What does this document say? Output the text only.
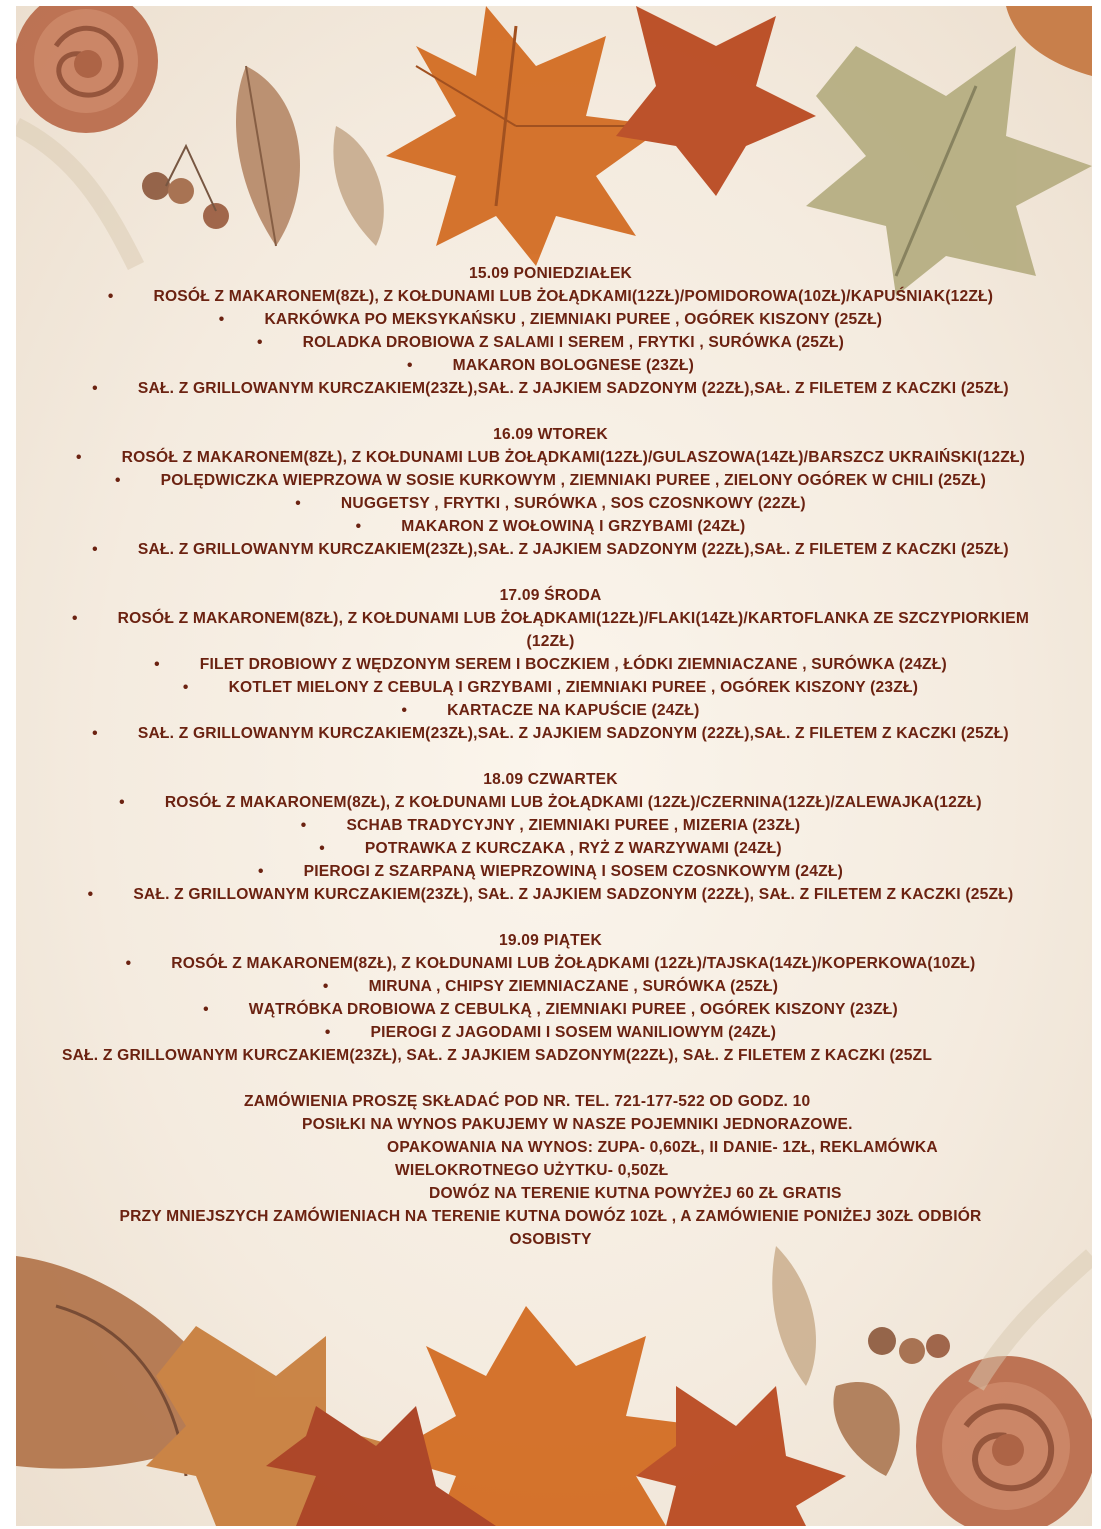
15.09 PONIEDZIAŁEK
•ROSÓŁ Z MAKARONEM(8ZŁ), Z KOŁDUNAMI LUB ŻOŁĄDKAMI(12ZŁ)/POMIDOROWA(10ZŁ)/KAPUŚNIAK(12ZŁ)
•KARKÓWKA PO MEKSYKAŃSKU , ZIEMNIAKI PUREE , OGÓREK KISZONY (25ZŁ)
•ROLADKA DROBIOWA Z SALAMI I SEREM , FRYTKI , SURÓWKA (25ZŁ)
•MAKARON BOLOGNESE (23ZŁ)
•SAŁ. Z GRILLOWANYM KURCZAKIEM(23ZŁ),SAŁ. Z JAJKIEM SADZONYM (22ZŁ),SAŁ. Z FILETEM Z KACZKI (25ZŁ)
16.09 WTOREK
•ROSÓŁ Z MAKARONEM(8ZŁ), Z KOŁDUNAMI LUB ŻOŁĄDKAMI(12ZŁ)/GULASZOWA(14ZŁ)/BARSZCZ UKRAIŃSKI(12ZŁ)
•POLĘDWICZKA WIEPRZOWA W SOSIE KURKOWYM , ZIEMNIAKI PUREE , ZIELONY OGÓREK W CHILI (25ZŁ)
•NUGGETSY , FRYTKI , SURÓWKA , SOS CZOSNKOWY (22ZŁ)
•MAKARON Z WOŁOWINĄ I GRZYBAMI (24ZŁ)
•SAŁ. Z GRILLOWANYM KURCZAKIEM(23ZŁ),SAŁ. Z JAJKIEM SADZONYM (22ZŁ),SAŁ. Z FILETEM Z KACZKI (25ZŁ)
17.09 ŚRODA
•ROSÓŁ Z MAKARONEM(8ZŁ), Z KOŁDUNAMI LUB ŻOŁĄDKAMI(12ZŁ)/FLAKI(14ZŁ)/KARTOFLANKA ZE SZCZYPIORKIEM
(12ZŁ)
•FILET DROBIOWY Z WĘDZONYM SEREM I BOCZKIEM , ŁÓDKI ZIEMNIACZANE , SURÓWKA (24ZŁ)
•KOTLET MIELONY Z CEBULĄ I GRZYBAMI , ZIEMNIAKI PUREE , OGÓREK KISZONY (23ZŁ)
•KARTACZE NA KAPUŚCIE (24ZŁ)
•SAŁ. Z GRILLOWANYM KURCZAKIEM(23ZŁ),SAŁ. Z JAJKIEM SADZONYM (22ZŁ),SAŁ. Z FILETEM Z KACZKI (25ZŁ)
18.09 CZWARTEK
•ROSÓŁ Z MAKARONEM(8ZŁ), Z KOŁDUNAMI LUB ŻOŁĄDKAMI (12ZŁ)/CZERNINA(12ZŁ)/ZALEWAJKA(12ZŁ)
•SCHAB TRADYCYJNY , ZIEMNIAKI PUREE , MIZERIA (23ZŁ)
•POTRAWKA Z KURCZAKA , RYŻ Z WARZYWAMI (24ZŁ)
•PIEROGI Z SZARPANĄ WIEPRZOWINĄ I SOSEM CZOSNKOWYM (24ZŁ)
•SAŁ. Z GRILLOWANYM KURCZAKIEM(23ZŁ), SAŁ. Z JAJKIEM SADZONYM (22ZŁ), SAŁ. Z FILETEM Z KACZKI (25ZŁ)
19.09 PIĄTEK
•ROSÓŁ Z MAKARONEM(8ZŁ), Z KOŁDUNAMI LUB ŻOŁĄDKAMI (12ZŁ)/TAJSKA(14ZŁ)/KOPERKOWA(10ZŁ)
•MIRUNA , CHIPSY ZIEMNIACZANE , SURÓWKA (25ZŁ)
•WĄTRÓBKA DROBIOWA Z CEBULKĄ , ZIEMNIAKI PUREE , OGÓREK KISZONY (23ZŁ)
•PIEROGI Z JAGODAMI I SOSEM WANILIOWYM (24ZŁ)
SAŁ. Z GRILLOWANYM KURCZAKIEM(23ZŁ), SAŁ. Z JAJKIEM SADZONYM(22ZŁ), SAŁ. Z FILETEM Z KACZKI (25ZL
ZAMÓWIENIA PROSZĘ SKŁADAĆ POD NR. TEL. 721-177-522 OD GODZ. 10
POSIŁKI NA WYNOS PAKUJEMY W NASZE POJEMNIKI JEDNORAZOWE.
OPAKOWANIA NA WYNOS: ZUPA- 0,60ZŁ, II DANIE- 1ZŁ, REKLAMÓWKA
WIELOKROTNEGO UŻYTKU- 0,50ZŁ
DOWÓZ NA TERENIE KUTNA POWYŻEJ 60 ZŁ GRATIS
PRZY MNIEJSZYCH ZAMÓWIENIACH NA TERENIE KUTNA DOWÓZ 10ZŁ , A ZAMÓWIENIE PONIŻEJ 30ZŁ ODBIÓR
OSOBISTY
